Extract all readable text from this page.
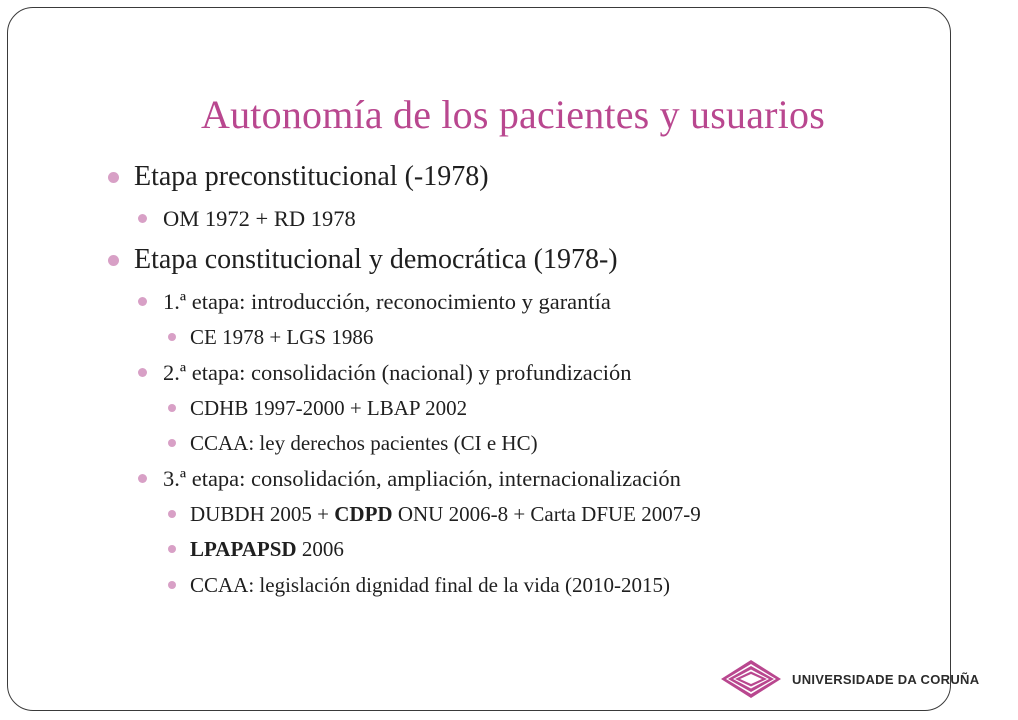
Autonomía de los pacientes y usuarios
Etapa preconstitucional (-1978)
OM 1972 + RD 1978
Etapa constitucional y democrática (1978-)
1.ª etapa: introducción, reconocimiento y garantía
CE 1978 + LGS 1986
2.ª etapa: consolidación (nacional) y profundización
CDHB 1997-2000 + LBAP 2002
CCAA: ley derechos pacientes (CI e HC)
3.ª etapa: consolidación, ampliación, internacionalización
DUBDH 2005 + CDPD ONU 2006-8 + Carta DFUE 2007-9
LPAPAPSD 2006
CCAA: legislación dignidad final de la vida (2010-2015)
UNIVERSIDADE DA CORUÑA
